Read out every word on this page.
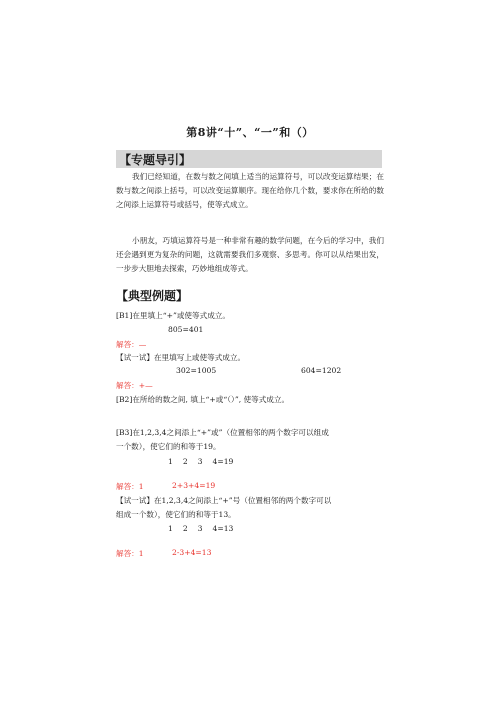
第8讲“十”、“一”和（）
【专题导引】
我们已经知道，在数与数之间填上适当的运算符号，可以改变运算结果；在数与数之间添上括号，可以改变运算顺序。现在给你几个数，要求你在所给的数之间添上运算符号或括号，使等式成立。
小朋友，巧填运算符号是一种非常有趣的数学问题，在今后的学习中，我们还会遇到更为复杂的问题，这就需要我们多观察、多思考。你可以从结果出发，一步步大胆地去探索，巧妙地组成等式。
【典型例题】
[B1]在里填上“+”或使等式成立。
805=401
解答：—
【试一试】在里填写上或使等式成立。
302=1005	604=1202
解答：+—
[B2]在所给的数之间, 填上“+或“（）”, 使等式成立。
[B3]在1,2,3,4之间添上“+”或”（位置相邻的两个数字可以组成
一个数），使它们的和等于19。
1　 2　 3　 4=19
解答：1	2+3+4=19
【试一试】在1,2,3,4之间添上“+”号（位置相邻的两个数字可以
组成一个数），使它们的和等于13。
1　 2　 3　 4=13
解答：1	2-3+4=13
